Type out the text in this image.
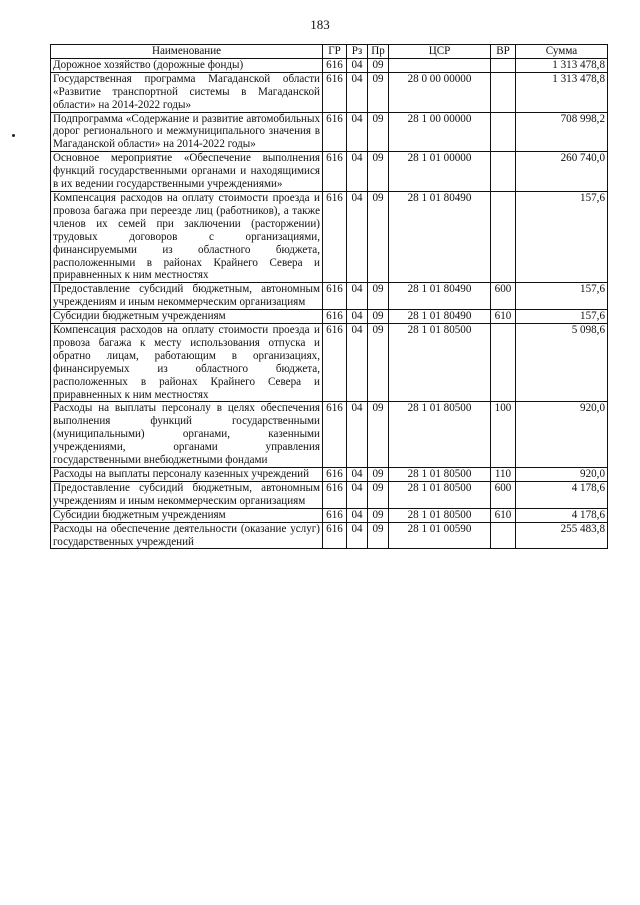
183
Наименование	ГР	Рз	Пр	ЦСР	ВР	Сумма
Дорожное хозяйство (дорожные фонды)	616	04	09			1 313 478,8
Государственная программа Магаданской области «Развитие транспортной системы в Магаданской области» на 2014-2022 годы»	616	04	09	28 0 00 00000		1 313 478,8
Подпрограмма «Содержание и развитие автомобильных дорог регионального и межмуниципального значения в Магаданской области» на 2014-2022 годы»	616	04	09	28 1 00 00000		708 998,2
Основное мероприятие «Обеспечение выполнения функций государственными органами и находящимися в их ведении государственными учреждениями»	616	04	09	28 1 01 00000		260 740,0
Компенсация расходов на оплату стоимости проезда и провоза багажа при переезде лиц (работников), а также членов их семей при заключении (расторжении) трудовых договоров с организациями, финансируемыми из областного бюджета, расположенными в районах Крайнего Севера и приравненных к ним местностях	616	04	09	28 1 01 80490		157,6
Предоставление субсидий бюджетным, автономным учреждениям и иным некоммерческим организациям	616	04	09	28 1 01 80490	600	157,6
Субсидии бюджетным учреждениям	616	04	09	28 1 01 80490	610	157,6
Компенсация расходов на оплату стоимости проезда и провоза багажа к месту использования отпуска и обратно лицам, работающим в организациях, финансируемых из областного бюджета, расположенных в районах Крайнего Севера и приравненных к ним местностях	616	04	09	28 1 01 80500		5 098,6
Расходы на выплаты персоналу в целях обеспечения выполнения функций государственными (муниципальными) органами, казенными учреждениями, органами управления государственными внебюджетными фондами	616	04	09	28 1 01 80500	100	920,0
Расходы на выплаты персоналу казенных учреждений	616	04	09	28 1 01 80500	110	920,0
Предоставление субсидий бюджетным, автономным учреждениям и иным некоммерческим организациям	616	04	09	28 1 01 80500	600	4 178,6
Субсидии бюджетным учреждениям	616	04	09	28 1 01 80500	610	4 178,6
Расходы на обеспечение деятельности (оказание услуг) государственных учреждений	616	04	09	28 1 01 00590		255 483,8
